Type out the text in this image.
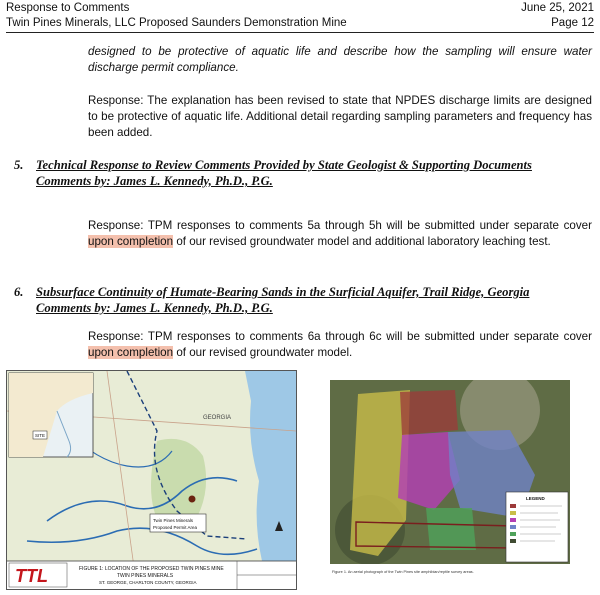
Response to Comments
Twin Pines Minerals, LLC Proposed Saunders Demonstration Mine
June 25, 2021
Page 12
designed to be protective of aquatic life and describe how the sampling will ensure water discharge permit compliance.
Response: The explanation has been revised to state that NPDES discharge limits are designed to be protective of aquatic life. Additional detail regarding sampling parameters and frequency has been added.
5. Technical Response to Review Comments Provided by State Geologist & Supporting Documents Comments by: James L. Kennedy, Ph.D., P.G.
Response: TPM responses to comments 5a through 5h will be submitted under separate cover upon completion of our revised groundwater model and additional laboratory leaching test.
6. Subsurface Continuity of Humate-Bearing Sands in the Surficial Aquifer, Trail Ridge, Georgia Comments by: James L. Kennedy, Ph.D., P.G.
Response: TPM responses to comments 6a through 6c will be submitted under separate cover upon completion of our revised groundwater model.
GEORGIA
Twin Pines Minerals
Proposed Permit Area
SITE
TTL	FIGURE 1: LOCATION OF THE PROPOSED TWIN PINES MINE
TWIN PINES MINERALS
ST. GEORGE, CHARLTON COUNTY, GEORGIA
LEGEND
Figure 1. An aerial photograph of the Twin Pines site amphibian/reptile survey areas.
